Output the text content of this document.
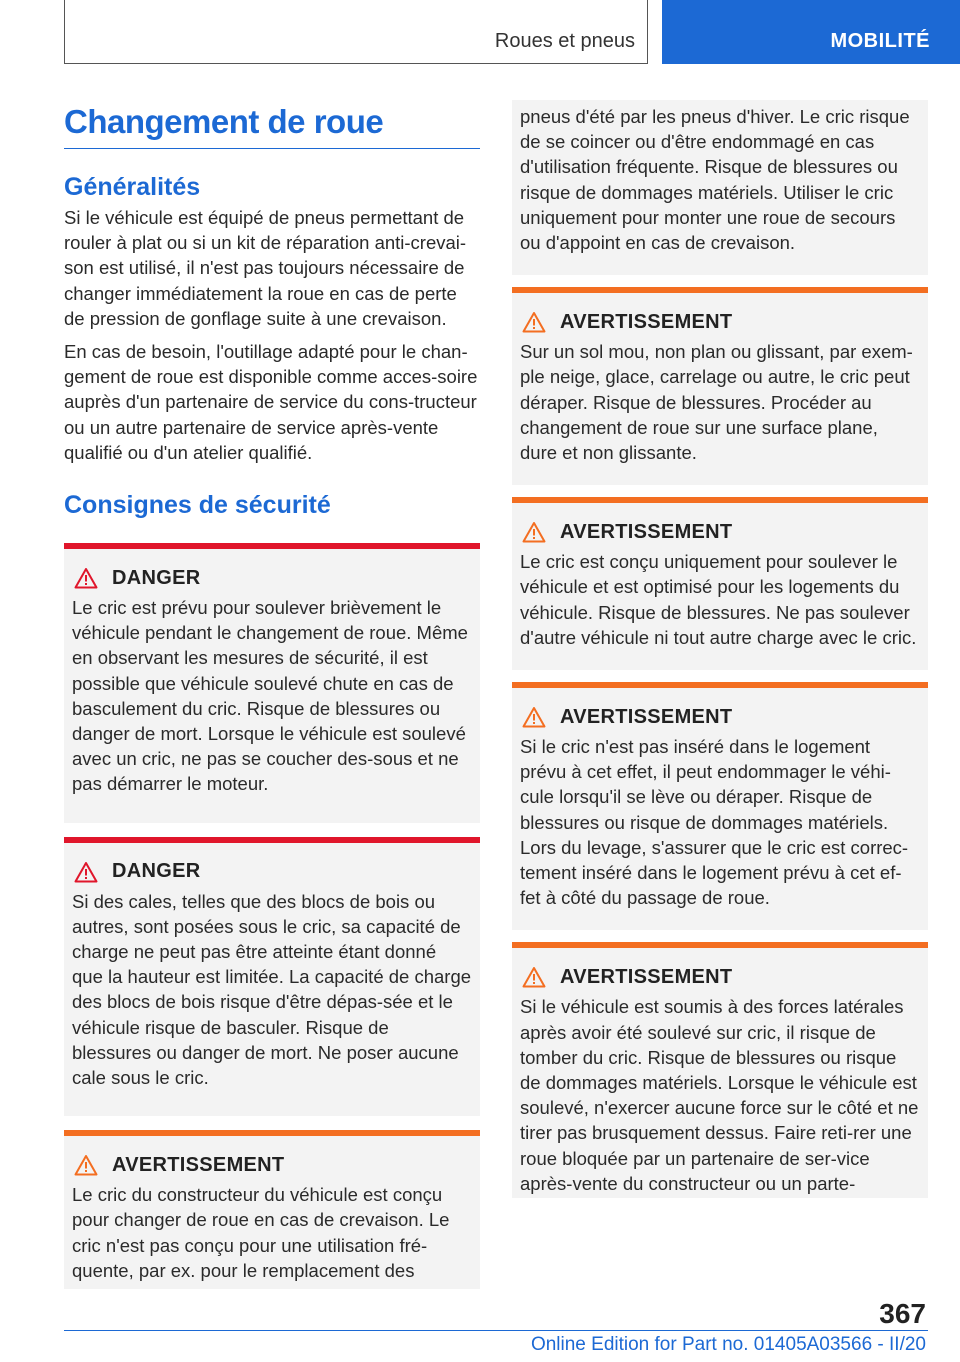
Roues et pneus	MOBILITÉ
Changement de roue
Généralités

Si le véhicule est équipé de pneus permettant de rouler à plat ou si un kit de réparation anti-crevai-son est utilisé, il n'est pas toujours nécessaire de changer immédiatement la roue en cas de perte de pression de gonflage suite à une crevaison.

En cas de besoin, l'outillage adapté pour le chan-gement de roue est disponible comme acces-soire auprès d'un partenaire de service du cons-tructeur ou un autre partenaire de service après-vente qualifié ou d'un atelier qualifié.

Consignes de sécurité
DANGER

Le cric est prévu pour soulever brièvement le véhicule pendant le changement de roue. Même en observant les mesures de sécurité, il est possible que véhicule soulevé chute en cas de basculement du cric. Risque de blessures ou danger de mort. Lorsque le véhicule est soulevé avec un cric, ne pas se coucher des-sous et ne pas démarrer le moteur.

DANGER

Si des cales, telles que des blocs de bois ou autres, sont posées sous le cric, sa capacité de charge ne peut pas être atteinte étant donné que la hauteur est limitée. La capacité de charge des blocs de bois risque d'être dépas-sée et le véhicule risque de basculer. Risque de blessures ou danger de mort. Ne poser aucune cale sous le cric.

AVERTISSEMENT

Le cric du constructeur du véhicule est conçu pour changer de roue en cas de crevaison. Le cric n'est pas conçu pour une utilisation fré-quente, par ex. pour le remplacement des

pneus d'été par les pneus d'hiver. Le cric risque de se coincer ou d'être endommagé en cas d'utilisation fréquente. Risque de blessures ou risque de dommages matériels. Utiliser le cric uniquement pour monter une roue de secours ou d'appoint en cas de crevaison.

AVERTISSEMENT

Sur un sol mou, non plan ou glissant, par exem-ple neige, glace, carrelage ou autre, le cric peut déraper. Risque de blessures. Procéder au changement de roue sur une surface plane, dure et non glissante.

AVERTISSEMENT

Le cric est conçu uniquement pour soulever le véhicule et est optimisé pour les logements du véhicule. Risque de blessures. Ne pas soulever d'autre véhicule ni tout autre charge avec le cric.

AVERTISSEMENT

Si le cric n'est pas inséré dans le logement prévu à cet effet, il peut endommager le véhi-cule lorsqu'il se lève ou déraper. Risque de blessures ou risque de dommages matériels. Lors du levage, s'assurer que le cric est correc-tement inséré dans le logement prévu à cet ef-fet à côté du passage de roue.

AVERTISSEMENT

Si le véhicule est soumis à des forces latérales après avoir été soulevé sur cric, il risque de tomber du cric. Risque de blessures ou risque de dommages matériels. Lorsque le véhicule est soulevé, n'exercer aucune force sur le côté et ne tirer pas brusquement dessus. Faire reti-rer une roue bloquée par un partenaire de ser-vice après-vente du constructeur ou un parte-

367
Online Edition for Part no. 01405A03566 - II/20
